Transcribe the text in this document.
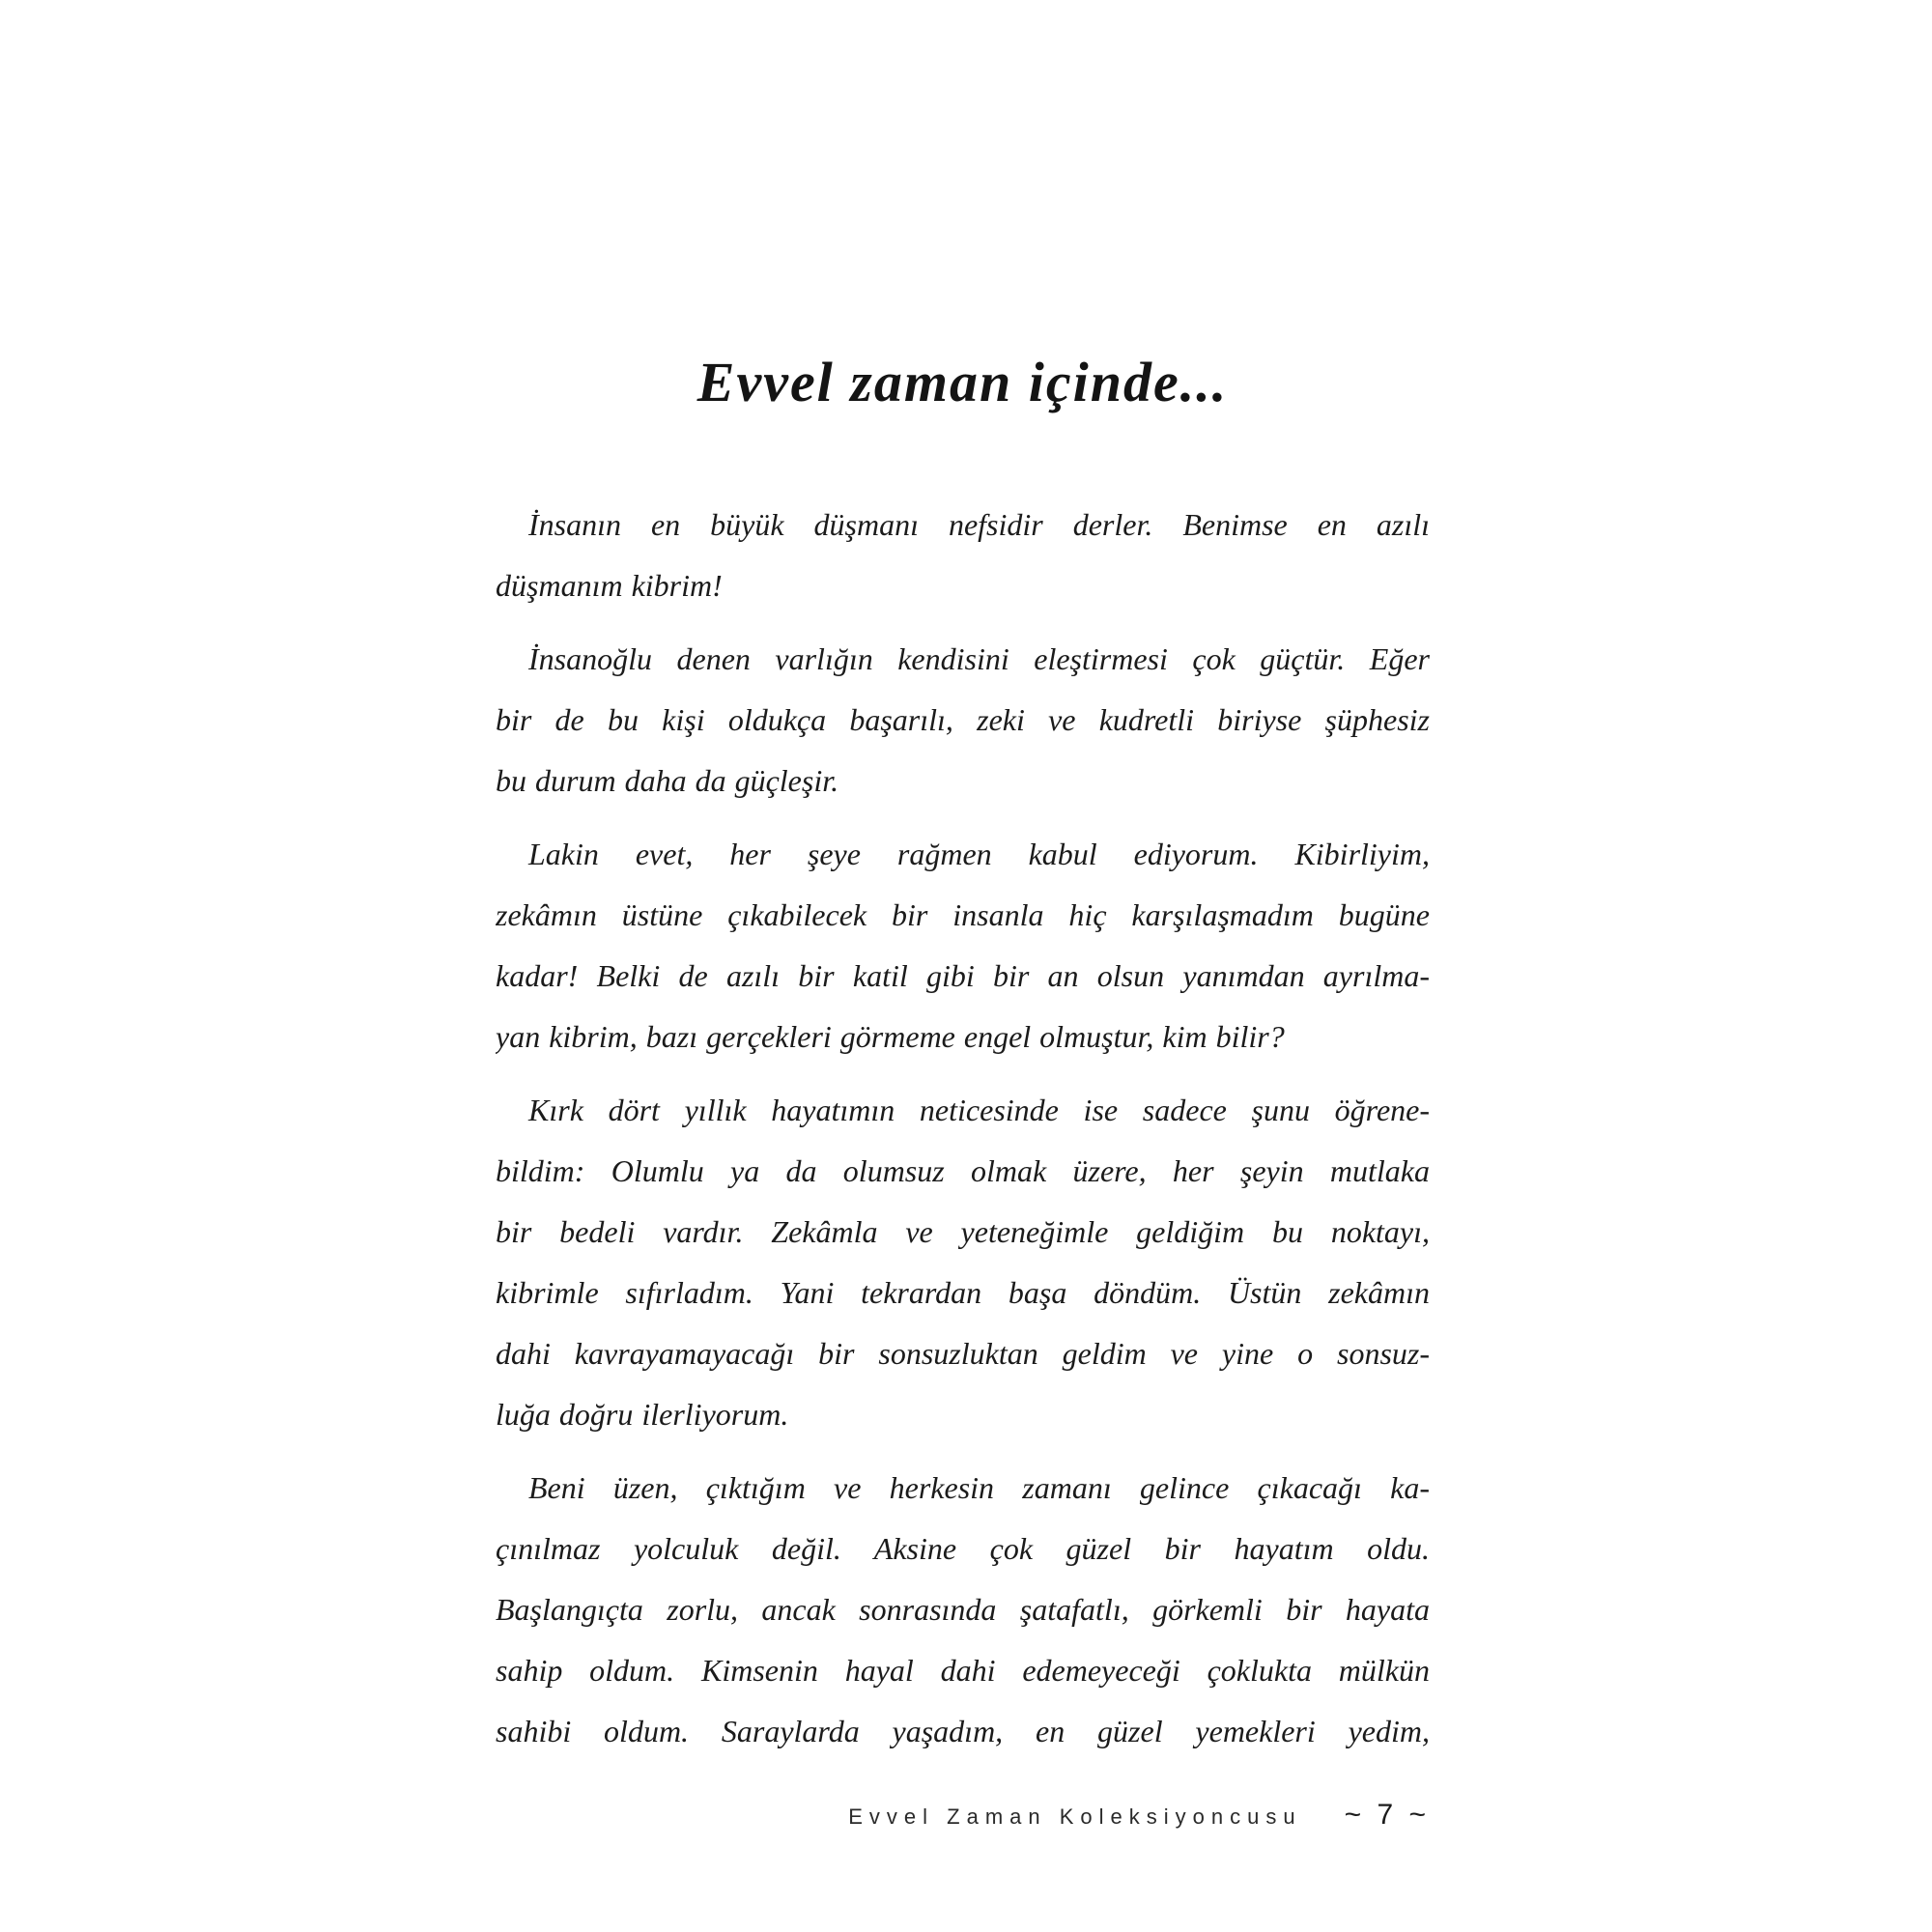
Evvel zaman içinde...
İnsanın en büyük düşmanı nefsidir derler. Benimse en azılı
düşmanım kibrim!
İnsanoğlu denen varlığın kendisini eleştirmesi çok güçtür. Eğer
bir de bu kişi oldukça başarılı, zeki ve kudretli biriyse şüphesiz
bu durum daha da güçleşir.
Lakin evet, her şeye rağmen kabul ediyorum. Kibirliyim,
zekâmın üstüne çıkabilecek bir insanla hiç karşılaşmadım bugüne
kadar! Belki de azılı bir katil gibi bir an olsun yanımdan ayrılma-
yan kibrim, bazı gerçekleri görmeme engel olmuştur, kim bilir?
Kırk dört yıllık hayatımın neticesinde ise sadece şunu öğrene-
bildim: Olumlu ya da olumsuz olmak üzere, her şeyin mutlaka
bir bedeli vardır. Zekâmla ve yeteneğimle geldiğim bu noktayı,
kibrimle sıfırladım. Yani tekrardan başa döndüm. Üstün zekâmın
dahi kavrayamayacağı bir sonsuzluktan geldim ve yine o sonsuz-
luğa doğru ilerliyorum.
Beni üzen, çıktığım ve herkesin zamanı gelince çıkacağı ka-
çınılmaz yolculuk değil. Aksine çok güzel bir hayatım oldu.
Başlangıçta zorlu, ancak sonrasında şatafatlı, görkemli bir hayata
sahip oldum. Kimsenin hayal dahi edemeyeceği çoklukta mülkün
sahibi oldum. Saraylarda yaşadım, en güzel yemekleri yedim,
Evvel Zaman Koleksiyoncusu ~ 7 ~
